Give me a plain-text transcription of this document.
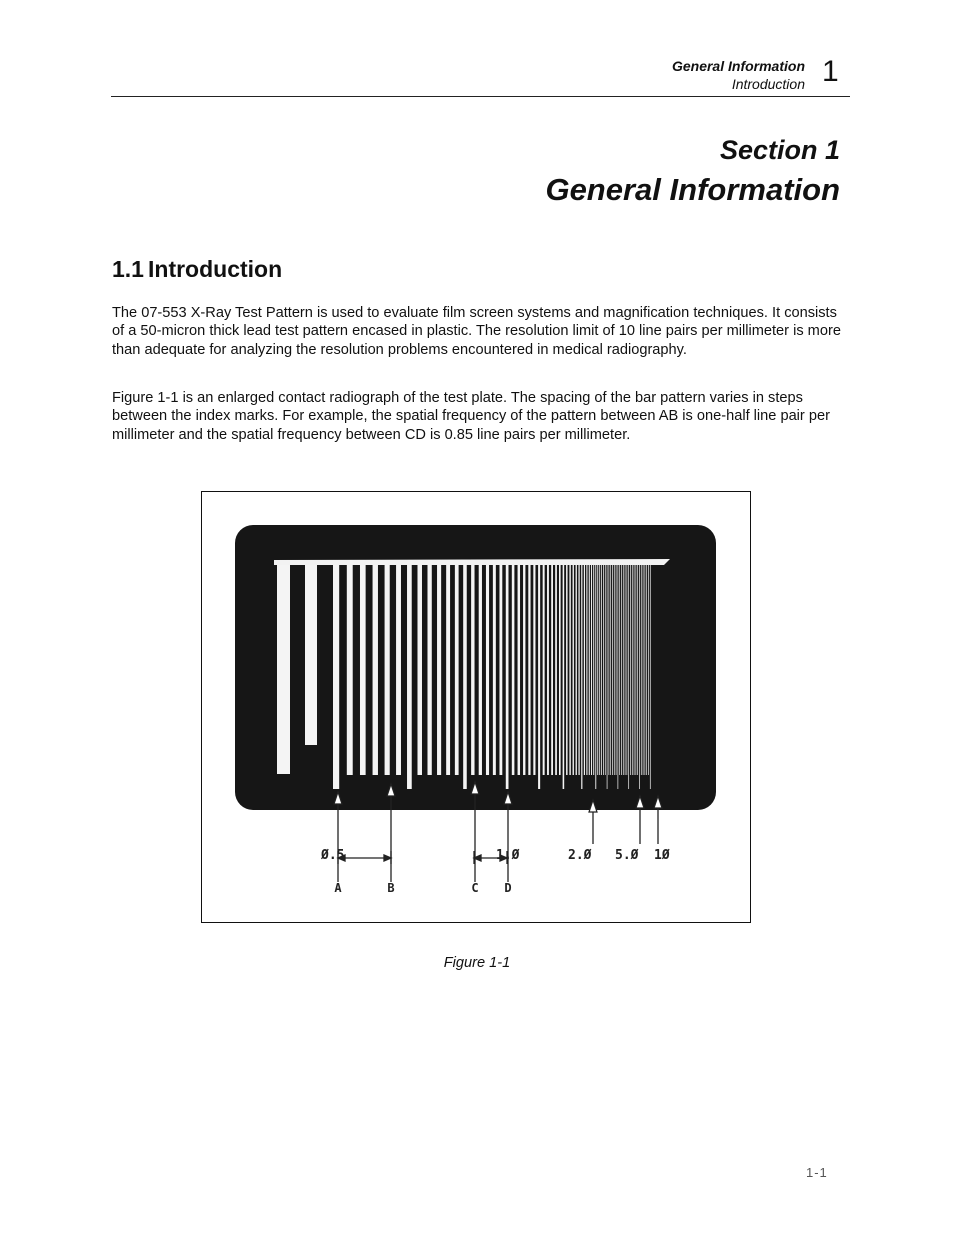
General Information
Introduction 1
Section 1
General Information
1.1 Introduction
The 07-553 X-Ray Test Pattern is used to evaluate film screen systems and magnification techniques. It consists of a 50-micron thick lead test pattern encased in plastic. The resolution limit of 10 line pairs per millimeter is more than adequate for analyzing the resolution problems encountered in medical radiography.
Figure 1-1 is an enlarged contact radiograph of the test plate. The spacing of the bar pattern varies in steps between the index marks. For example, the spatial frequency of the pattern between AB is one-half line pair per millimeter and the spatial frequency between CD is 0.85 line pairs per millimeter.
Ø.5	1.Ø	2.Ø 5.Ø 1Ø
A	B	C D
Figure 1-1
1-1
